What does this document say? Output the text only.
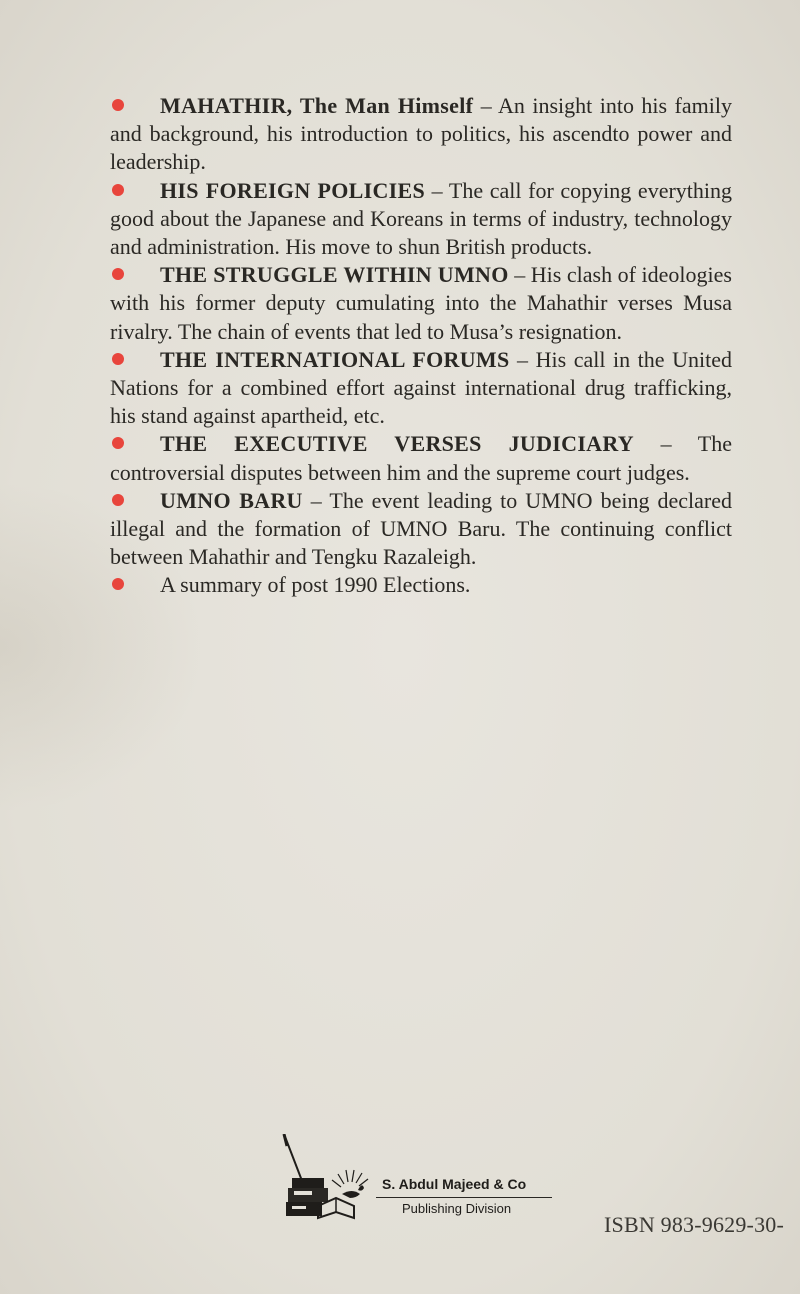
MAHATHIR, The Man Himself – An insight into his family and background, his introduction to politics, his ascendto power and leadership.

HIS FOREIGN POLICIES – The call for copying everything good about the Japanese and Koreans in terms of industry, technology and administration. His move to shun British products.

THE STRUGGLE WITHIN UMNO – His clash of ideologies with his former deputy cumulating into the Mahathir verses Musa rivalry. The chain of events that led to Musa’s resignation.

THE INTERNATIONAL FORUMS – His call in the United Nations for a combined effort against international drug trafficking, his stand against apartheid, etc.

THE EXECUTIVE VERSES JUDICIARY – The controversial disputes between him and the supreme court judges.

UMNO BARU – The event leading to UMNO being declared illegal and the formation of UMNO Baru. The continuing conflict between Mahathir and Tengku Razaleigh.

A summary of post 1990 Elections.

S. Abdul Majeed & Co
Publishing Division
ISBN 983-9629-30-
